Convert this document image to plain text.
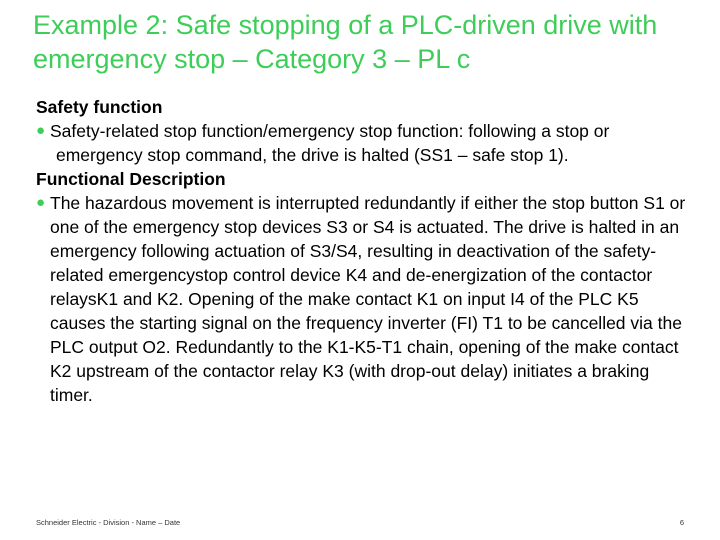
Example 2: Safe stopping of a PLC-driven drive with emergency stop – Category 3 – PL c

Safety function

● Safety-related stop function/emergency stop function: following a stop or emergency stop command, the drive is halted (SS1 – safe stop 1).

Functional Description

● The hazardous movement is interrupted redundantly if either the stop button S1 or one of the emergency stop devices S3 or S4 is actuated. The drive is halted in an emergency following actuation of S3/S4, resulting in deactivation of the safety-related emergencystop control device K4 and de-energization of the contactor relaysK1 and K2. Opening of the make contact K1 on input I4 of the PLC K5 causes the starting signal on the frequency inverter (FI) T1 to be cancelled via the PLC output O2. Redundantly to the K1-K5-T1 chain, opening of the make contact K2 upstream of the contactor relay K3 (with drop-out delay) initiates a braking timer.

Schneider Electric - Division - Name – Date	6
